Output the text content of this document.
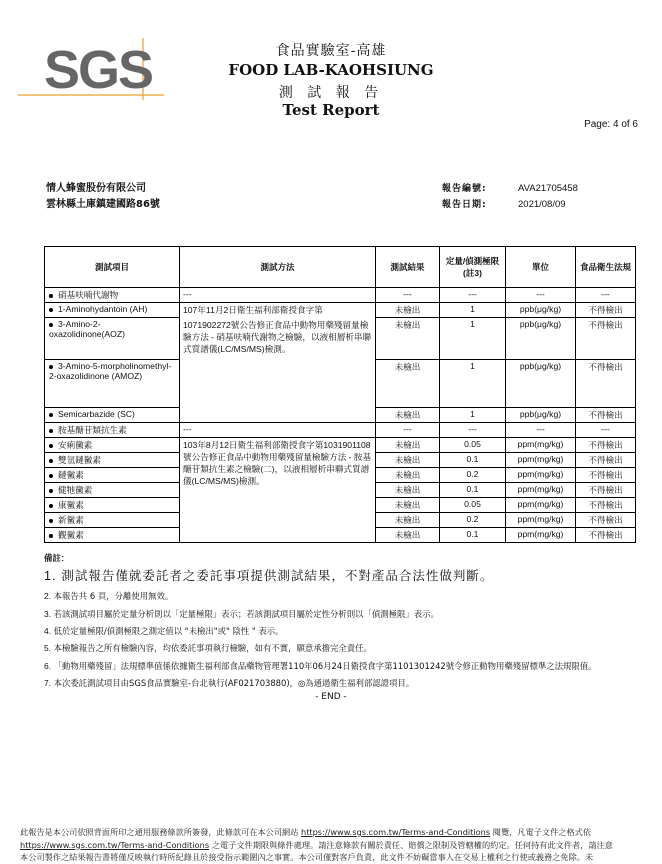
SGS	食品實驗室-高雄
FOOD LAB-KAOHSIUNG
測 試 報 告
Test Report
Page: 4 of 6
情人蜂蜜股份有限公司
雲林縣土庫鎮建國路86號
報告編號:	AVA21705458
報告日期:	2021/08/09
測試項目	測試方法	測試結果	定量/偵測極限(註3)	單位	食品衛生法規
硝基呋喃代謝物	---	---	---	---	---
1-Aminohydantoin (AH)	107年11月2日衛生福利部衛授食字第	未檢出	1	ppb(μg/kg)	不得檢出
3-Amino-2-oxazolidinone(AOZ)	1071902272號公告修正食品中動物用藥殘留量檢驗方法 - 硝基呋喃代謝物之檢驗，以液相層析串聯式質譜儀(LC/MS/MS)檢測。	未檢出	1	ppb(μg/kg)	不得檢出
3-Amino-5-morpholinomethyl-2-oxazolidinone (AMOZ)		未檢出	1	ppb(μg/kg)	不得檢出
Semicarbazide (SC)		未檢出	1	ppb(μg/kg)	不得檢出
胺基醣苷類抗生素	---	---	---	---	---
安痢黴素	103年8月12日衛生福利部衛授食字第1031901108號公告修正食品中動物用藥殘留量檢驗方法 - 胺基醣苷類抗生素之檢驗(二)，以液相層析串聯式質譜儀(LC/MS/MS)檢測。	未檢出	0.05	ppm(mg/kg)	不得檢出
雙氫鏈黴素		未檢出	0.1	ppm(mg/kg)	不得檢出
鏈黴素		未檢出	0.2	ppm(mg/kg)	不得檢出
健牠黴素		未檢出	0.1	ppm(mg/kg)	不得檢出
康黴素		未檢出	0.05	ppm(mg/kg)	不得檢出
新黴素		未檢出	0.2	ppm(mg/kg)	不得檢出
觀黴素		未檢出	0.1	ppm(mg/kg)	不得檢出
備註：
1. 測試報告僅就委託者之委託事項提供測試結果，不對產品合法性做判斷。
2. 本報告共 6 頁，分離使用無效。
3. 若該測試項目屬於定量分析則以「定量極限」表示；若該測試項目屬於定性分析則以「偵測極限」表示。
4. 低於定量極限/偵測極限之測定值以 "未檢出"或" 陰性 " 表示。
5. 本檢驗報告之所有檢驗內容，均依委託事項執行檢驗，如有不實，願意承擔完全責任。
6. 「動物用藥殘留」法規標準值係依據衛生福利部食品藥物管理署110年06月24日衛授食字第1101301242號令修正動物用藥殘留標準之法規限值。
7. 本次委託測試項目由SGS食品實驗室-台北執行(AF021703880)，◎為通過衛生福利部認證項目。
- END -
此報告是本公司依照背面所印之通用服務條款所簽發，此條款可在本公司網站 https://www.sgs.com.tw/Terms-and-Conditions 閱覽，凡電子文件之格式依
https://www.sgs.com.tw/Terms-and-Conditions 之電子文件期限與條件處理。請注意條款有關於責任、賠償之限制及管轄權的約定。任何持有此文件者，請注意
本公司製作之結果報告書將僅反映執行時所紀錄且於接受指示範圍內之事實。本公司僅對客戶負責，此文件不妨礙當事人在交易上權利之行使或義務之免除。未
